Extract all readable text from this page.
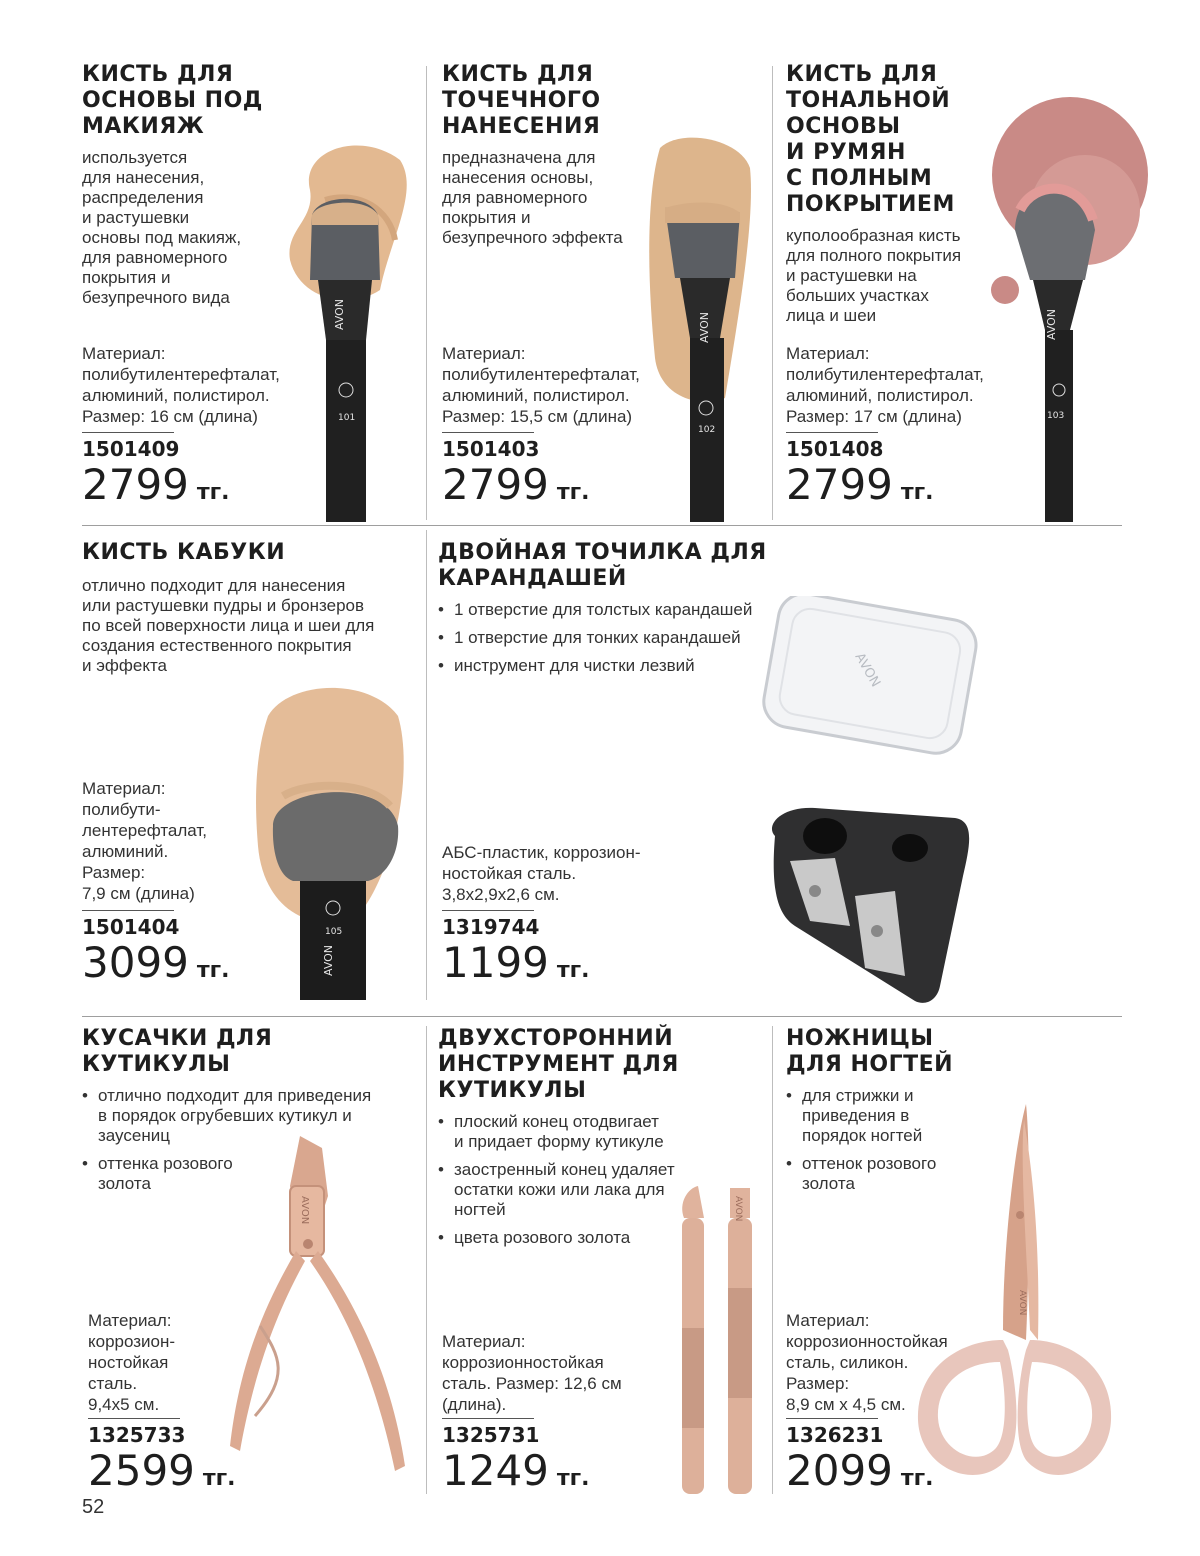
AVON
101
КИСТЬ ДЛЯ
ОСНОВЫ ПОД
МАКИЯЖ

используется
для нанесения,
распределения
и растушевки
основы под макияж,
для равномерного
покрытия и
безупречного вида

Материал:
полибутилентерефталат,
алюминий, полистирол.
Размер: 16 см (длина)

1501409
2799 тг.
AVON
102
КИСТЬ ДЛЯ
ТОЧЕЧНОГО
НАНЕСЕНИЯ

предназначена для
нанесения основы,
для равномерного
покрытия и
безупречного эффекта

Материал:
полибутилентерефталат,
алюминий, полистирол.
Размер: 15,5 см (длина)

1501403
2799 тг.
AVON
103
КИСТЬ ДЛЯ
ТОНАЛЬНОЙ
ОСНОВЫ
И РУМЯН
С ПОЛНЫМ
ПОКРЫТИЕМ

куполообразная кисть
для полного покрытия
и растушевки на
больших участках
лица и шеи

Материал:
полибутилентерефталат,
алюминий, полистирол.
Размер: 17 см (длина)

1501408
2799 тг.
AVON
105
КИСТЬ КАБУКИ

отлично подходит для нанесения
или растушевки пудры и бронзеров
по всей поверхности лица и шеи для
создания естественного покрытия
и эффекта

Материал:
полибути-
лентерефталат,
алюминий.
Размер:
7,9 см (длина)

1501404
3099 тг.
AVON
ДВОЙНАЯ ТОЧИЛКА ДЛЯ КАРАНДАШЕЙ
• 1 отверстие для толстых карандашей
• 1 отверстие для тонких карандашей
• инструмент для чистки лезвий

АБС-пластик, коррозион-
ностойкая сталь.
3,8x2,9x2,6 см.

1319744
1199 тг.
AVON
КУСАЧКИ ДЛЯ КУТИКУЛЫ
• отлично подходит для приведения
в порядок огрубевших кутикул и
заусениц
• оттенка розового
золота

Материал:
коррозион-
ностойкая
сталь.
9,4x5 см.

1325733
2599 тг.
AVON
ДВУХСТОРОННИЙ
ИНСТРУМЕНТ ДЛЯ
КУТИКУЛЫ
• плоский конец отодвигает
и придает форму кутикуле
• заостренный конец удаляет
остатки кожи или лака для
ногтей
• цвета розового золота

Материал:
коррозионностойкая
сталь. Размер: 12,6 см
(длина).

1325731
1249 тг.
AVON
НОЖНИЦЫ
ДЛЯ НОГТЕЙ
• для стрижки и
приведения в
порядок ногтей
• оттенок розового
золота

Материал:
коррозионностойкая
сталь, силикон.
Размер:
8,9 см х 4,5 см.

1326231
2099 тг.
52
